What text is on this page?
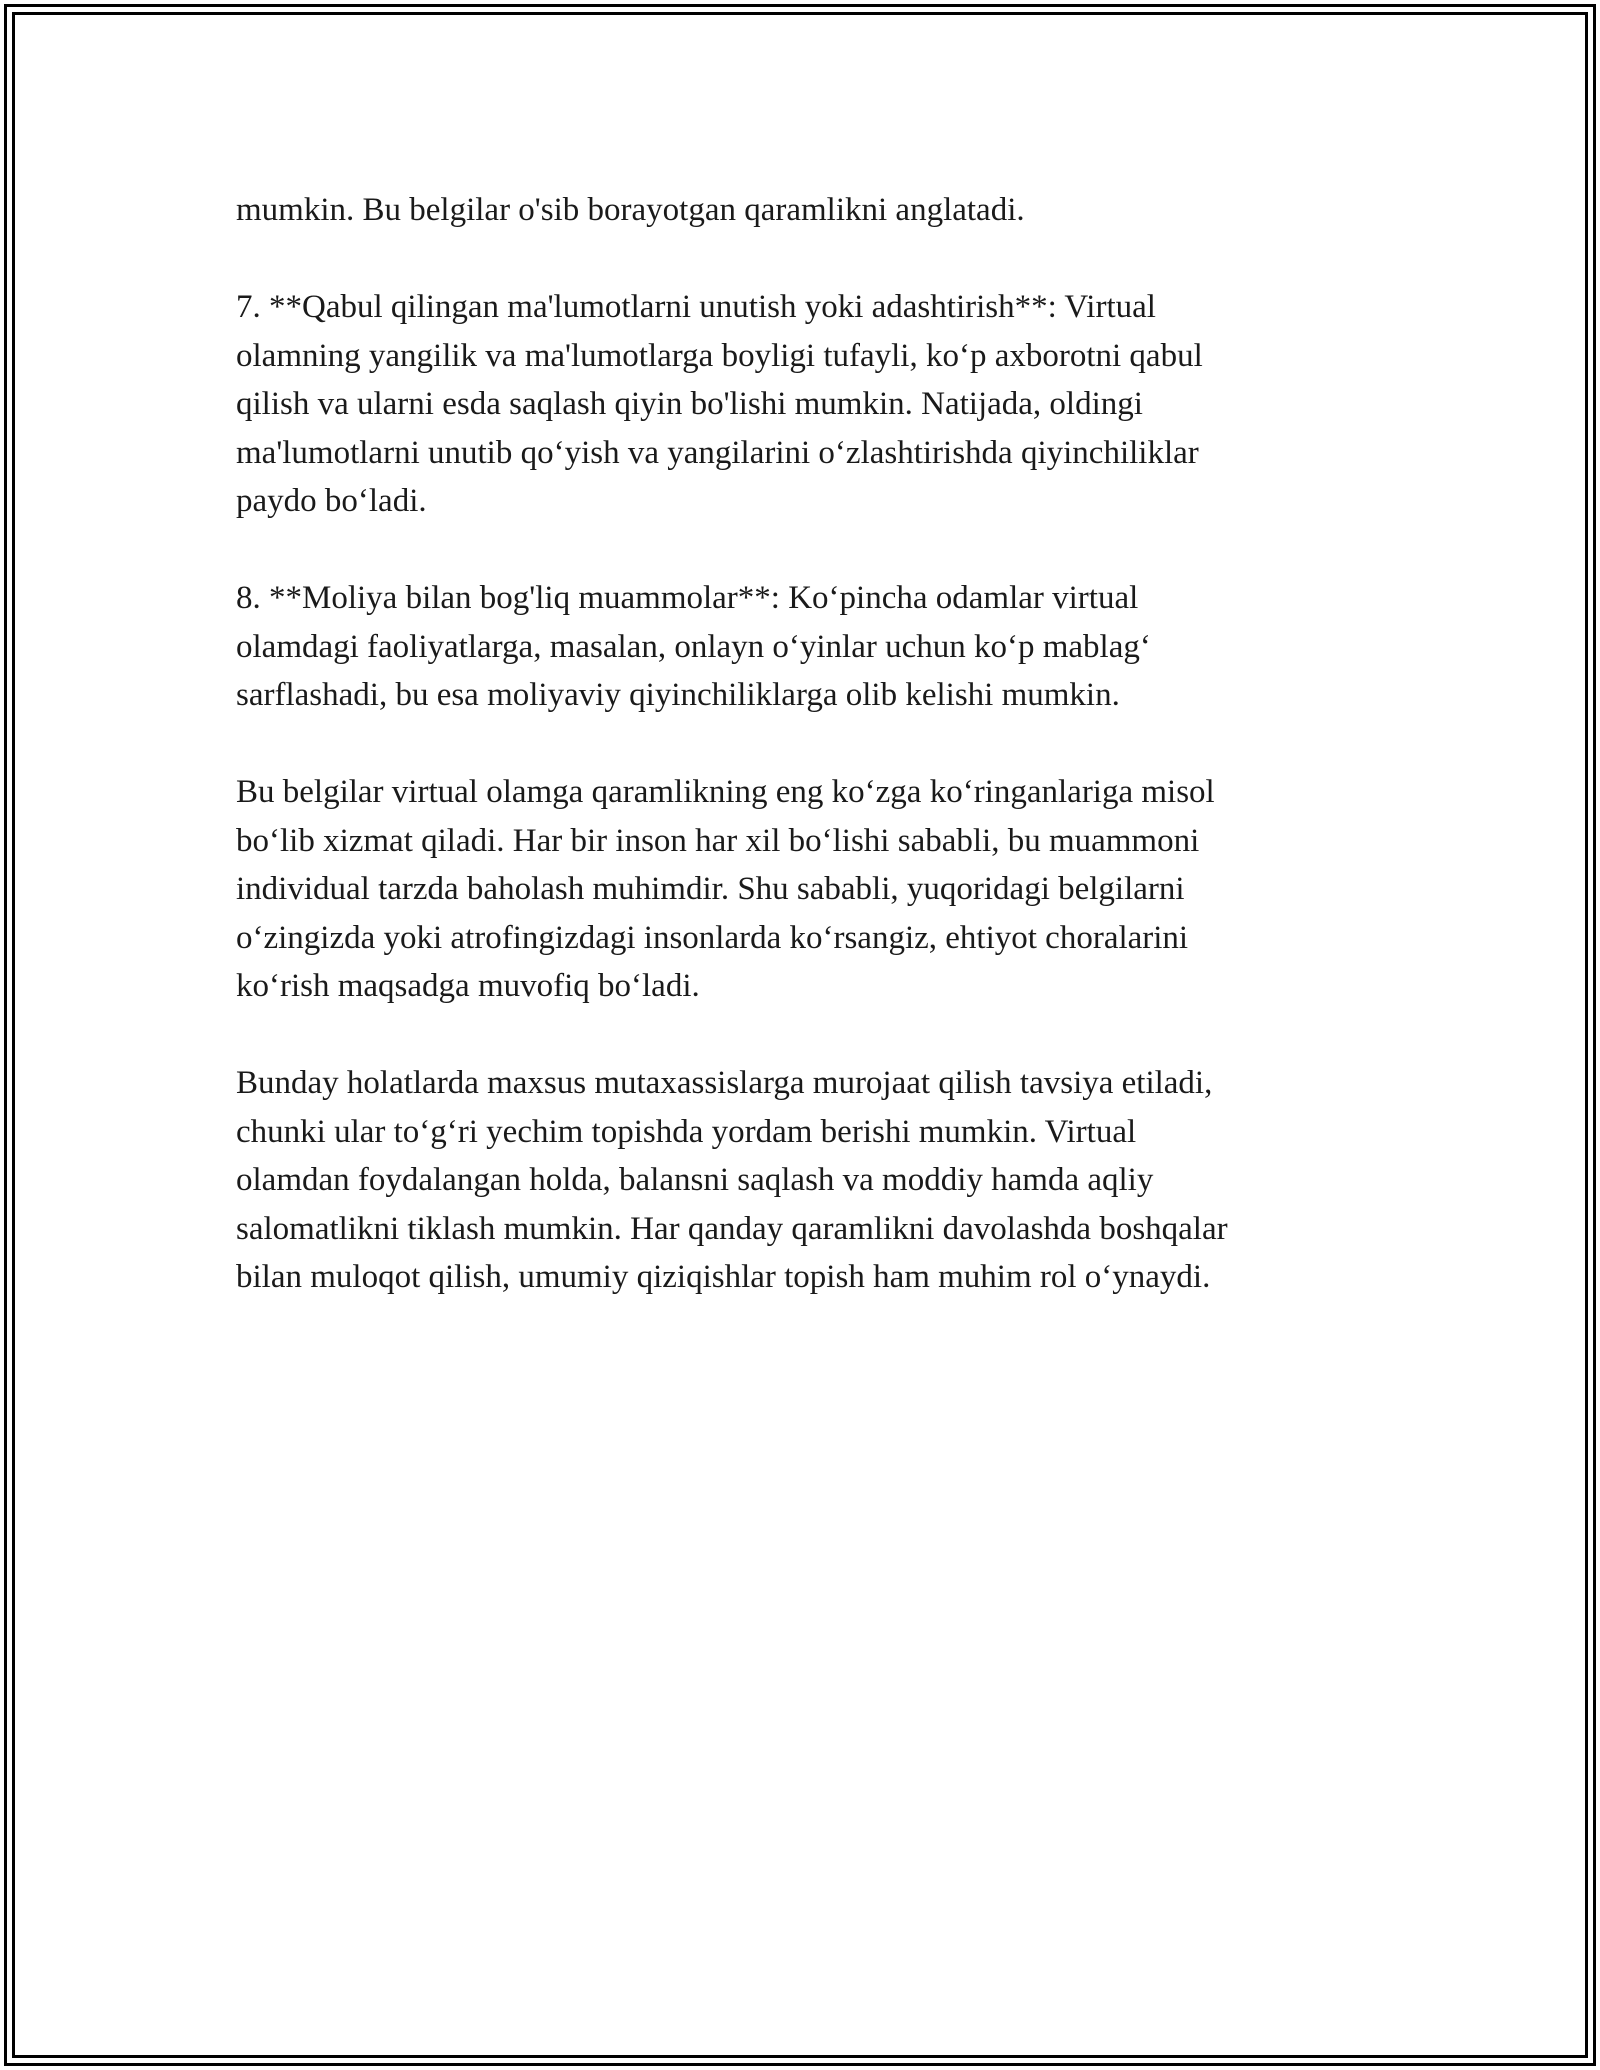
mumkin. Bu belgilar o'sib borayotgan qaramlikni anglatadi.

7. **Qabul qilingan ma'lumotlarni unutish yoki adashtirish**: Virtual
olamning yangilik va ma'lumotlarga boyligi tufayli, koʻp axborotni qabul
qilish va ularni esda saqlash qiyin bo'lishi mumkin. Natijada, oldingi
ma'lumotlarni unutib qoʻyish va yangilarini oʻzlashtirishda qiyinchiliklar
paydo boʻladi.

8. **Moliya bilan bog'liq muammolar**: Koʻpincha odamlar virtual
olamdagi faoliyatlarga, masalan, onlayn oʻyinlar uchun koʻp mablagʻ
sarflashadi, bu esa moliyaviy qiyinchiliklarga olib kelishi mumkin.

Bu belgilar virtual olamga qaramlikning eng koʻzga koʻringanlariga misol
boʻlib xizmat qiladi. Har bir inson har xil boʻlishi sababli, bu muammoni
individual tarzda baholash muhimdir. Shu sababli, yuqoridagi belgilarni
oʻzingizda yoki atrofingizdagi insonlarda koʻrsangiz, ehtiyot choralarini
koʻrish maqsadga muvofiq boʻladi.

Bunday holatlarda maxsus mutaxassislarga murojaat qilish tavsiya etiladi,
chunki ular toʻgʻri yechim topishda yordam berishi mumkin. Virtual
olamdan foydalangan holda, balansni saqlash va moddiy hamda aqliy
salomatlikni tiklash mumkin. Har qanday qaramlikni davolashda boshqalar
bilan muloqot qilish, umumiy qiziqishlar topish ham muhim rol oʻynaydi.
